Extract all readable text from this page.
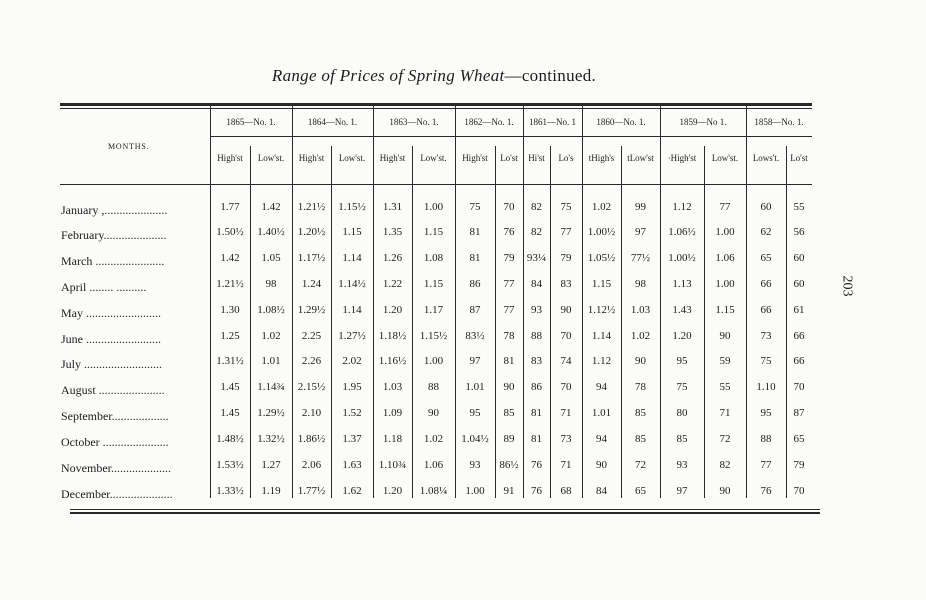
Range of Prices of Spring Wheat—continued.
203
MONTHS.
1865—No. 1.
High'st	Low'st.
1864—No. 1.
High'st	Low'st.
1863—No. 1.
High'st	Low'st.
1862—No. 1.
High'st	Lo'st
1861—No. 1
Hi'st	Lo's
1860—No. 1.
tHigh's	tLow'st
1859—No 1.
·High'st	Low'st.
1858—No. 1.
Lows't.	Lo'st
January ,.....................	1.77	1.42	1.21½	1.15½	1.31	1.00	75	70	82	75	1.02	99	1.12	77	60	55
February.....................	1.50½	1.40½	1.20½	1.15	1.35	1.15	81	76	82	77	1.00½	97	1.06½	1.00	62	56
March .......................	1.42	1.05	1.17½	1.14	1.26	1.08	81	79	93¼	79	1.05½	77½	1.00½	1.06	65	60
April ........ ..........	1.21½	98	1.24	1.14½	1.22	1.15	86	77	84	83	1.15	98	1.13	1.00	66	60
May .........................	1.30	1.08½	1.29½	1.14	1.20	1.17	87	77	93	90	1.12½	1.03	1.43	1.15	66	61
June .........................	1.25	1.02	2.25	1.27½	1.18½	1.15½	83½	78	88	70	1.14	1.02	1.20	90	73	66
July ..........................	1.31½	1.01	2.26	2.02	1.16½	1.00	97	81	83	74	1.12	90	95	59	75	66
August ......................	1.45	1.14¾	2.15½	1.95	1.03	88	1.01	90	86	70	94	78	75	55	1.10	70
September...................	1.45	1.29½	2.10	1.52	1.09	90	95	85	81	71	1.01	85	80	71	95	87
October ......................	1.48½	1.32½	1.86½	1.37	1.18	1.02	1.04½	89	81	73	94	85	85	72	88	65
November....................	1.53½	1.27	2.06	1.63	1.10¾	1.06	93	86½	76	71	90	72	93	82	77	79
December.....................	1.33½	1.19	1.77½	1.62	1.20	1.08¼	1.00	91	76	68	84	65	97	90	76	70
